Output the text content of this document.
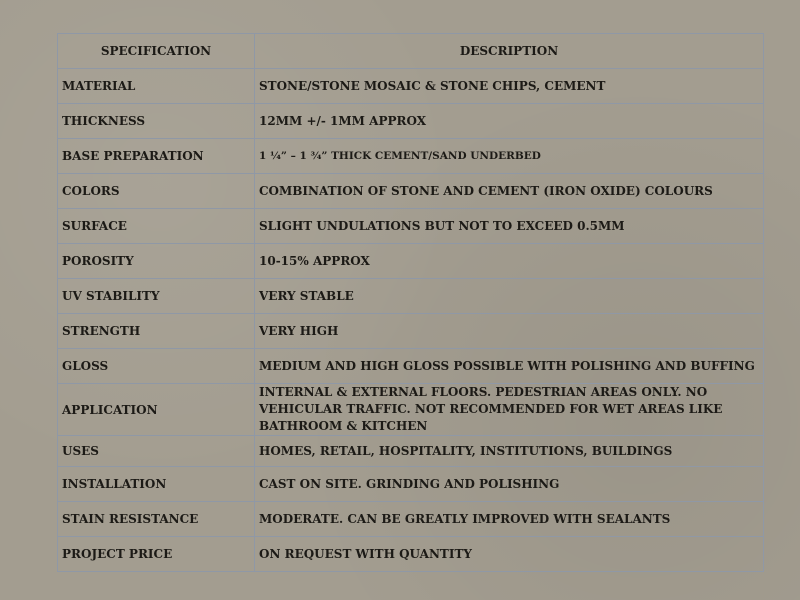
SPECIFICATION	DESCRIPTION
MATERIAL	STONE/STONE MOSAIC & STONE CHIPS, CEMENT
THICKNESS	12MM +/- 1MM APPROX
BASE PREPARATION	1 ¼” – 1 ¾” THICK CEMENT/SAND UNDERBED
COLORS	COMBINATION OF STONE AND CEMENT (IRON OXIDE) COLOURS
SURFACE	SLIGHT UNDULATIONS BUT NOT TO EXCEED 0.5MM
POROSITY	10-15% APPROX
UV STABILITY	VERY STABLE
STRENGTH	VERY HIGH
GLOSS	MEDIUM AND HIGH GLOSS POSSIBLE WITH POLISHING AND BUFFING
APPLICATION	INTERNAL & EXTERNAL FLOORS. PEDESTRIAN AREAS ONLY. NO VEHICULAR TRAFFIC. NOT RECOMMENDED FOR WET AREAS LIKE BATHROOM & KITCHEN
USES	HOMES, RETAIL, HOSPITALITY, INSTITUTIONS, BUILDINGS
INSTALLATION	CAST ON SITE. GRINDING AND POLISHING
STAIN RESISTANCE	MODERATE. CAN BE GREATLY IMPROVED WITH SEALANTS
PROJECT PRICE	ON REQUEST WITH QUANTITY
